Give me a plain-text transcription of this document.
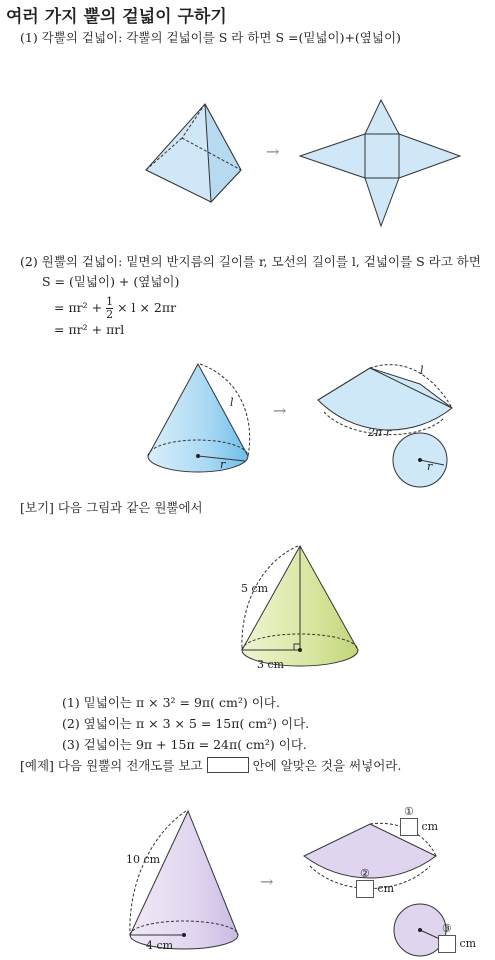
여러 가지 뿔의 겉넓이 구하기
(1) 각뿔의 겉넓이: 각뿔의 겉넓이를 S 라 하면 S =(밑넓이)+(옆넓이)
→
(2) 원뿔의 겉넓이: 밑면의 반지름의 길이를 r, 모선의 길이를 l, 겉넓이를 S 라고 하면
S = (밑넓이) + (옆넓이)
= $\pi r^2 + \frac{1}{2} \times l \times 2\pi r$
= πr² + πrl
l
r
→
l
2π r
r
[보기] 다음 그림과 같은 원뿔에서
5 cm
3 cm
(1) 밑넓이는 π × 3² = 9π( cm²) 이다.
(2) 옆넓이는 π × 3 × 5 = 15π( cm²) 이다.
(3) 겉넓이는 9π + 15π = 24π( cm²) 이다.
[예제] 다음 원뿔의 전개도를 보고	안에 알맞은 것을 써넣어라.
10 cm
4 cm
→
①
cm
②
cm
③
cm
